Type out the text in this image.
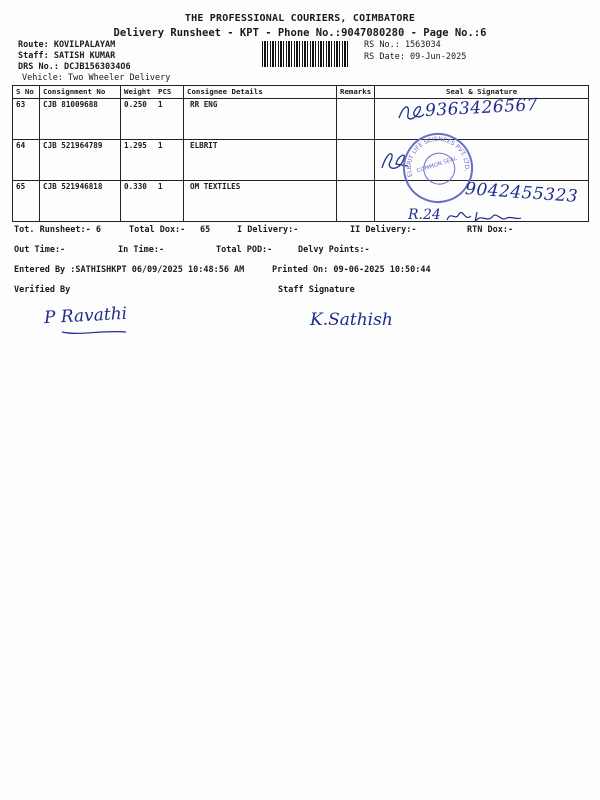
THE PROFESSIONAL COURIERS, COIMBATORE
Delivery Runsheet - KPT - Phone No.:9047080280 - Page No.:6
Route: KOVILPALAYAM
Staff: SATISH KUMAR
DRS No.: DCJB1563034O6
Vehicle: Two Wheeler Delivery
RS No.: 1563034
RS Date: 09-Jun-2025
S No	Consignment No	Weight	PCS	Consignee Details	Remarks	Seal & Signature
63	CJB 81009688	0.250	1	RR ENG		
64	CJB 521964789	1.295	1	ELBRIT		
65	CJB 521946818	0.330	1	OM TEXTILES		
9363426567
ELBRIT LIFE SCIENCES PVT. LTD.
COMMON SEAL
9042455323
R.24
Tot. Runsheet:- 6	Total Dox:- 65	I Delivery:-	II Delivery:-	RTN Dox:-
Out Time:-	In Time:-	Total POD:-	Delvy Points:-
Entered By :SATHISHKPT 06/09/2025 10:48:56 AM	Printed On: 09-06-2025 10:50:44
Verified By	Staff Signature
P Ravathi	K.Sathish
